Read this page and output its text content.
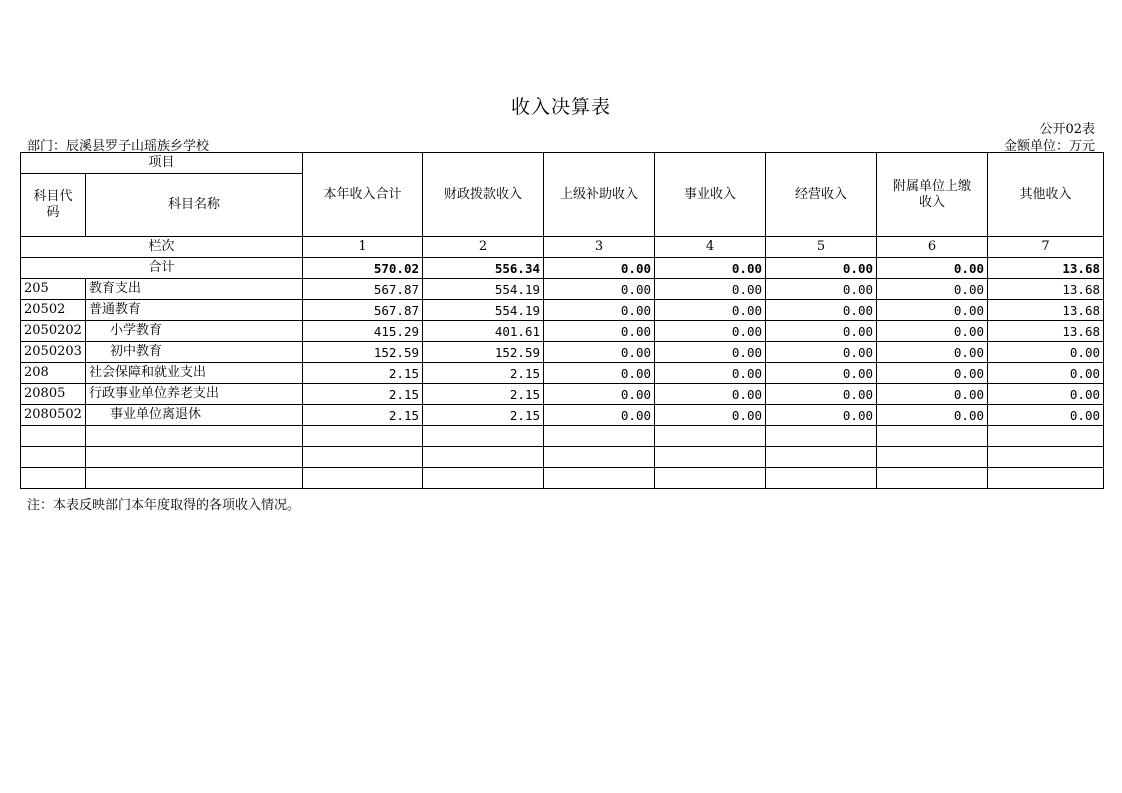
收入决算表
公开02表
部门：辰溪县罗子山瑶族乡学校	金额单位：万元
项目		本年收入合计	财政拨款收入	上级补助收入	事业收入	经营收入	附属单位上缴收入	其他收入
科目代码	科目名称							
栏次		1	2	3	4	5	6	7
合计		570.02	556.34	0.00	0.00	0.00	0.00	13.68
205	教育支出	567.87	554.19	0.00	0.00	0.00	0.00	13.68
20502	普通教育	567.87	554.19	0.00	0.00	0.00	0.00	13.68
2050202	小学教育	415.29	401.61	0.00	0.00	0.00	0.00	13.68
2050203	初中教育	152.59	152.59	0.00	0.00	0.00	0.00	0.00
208	社会保障和就业支出	2.15	2.15	0.00	0.00	0.00	0.00	0.00
20805	行政事业单位养老支出	2.15	2.15	0.00	0.00	0.00	0.00	0.00
2080502	事业单位离退休	2.15	2.15	0.00	0.00	0.00	0.00	0.00

注：本表反映部门本年度取得的各项收入情况。
